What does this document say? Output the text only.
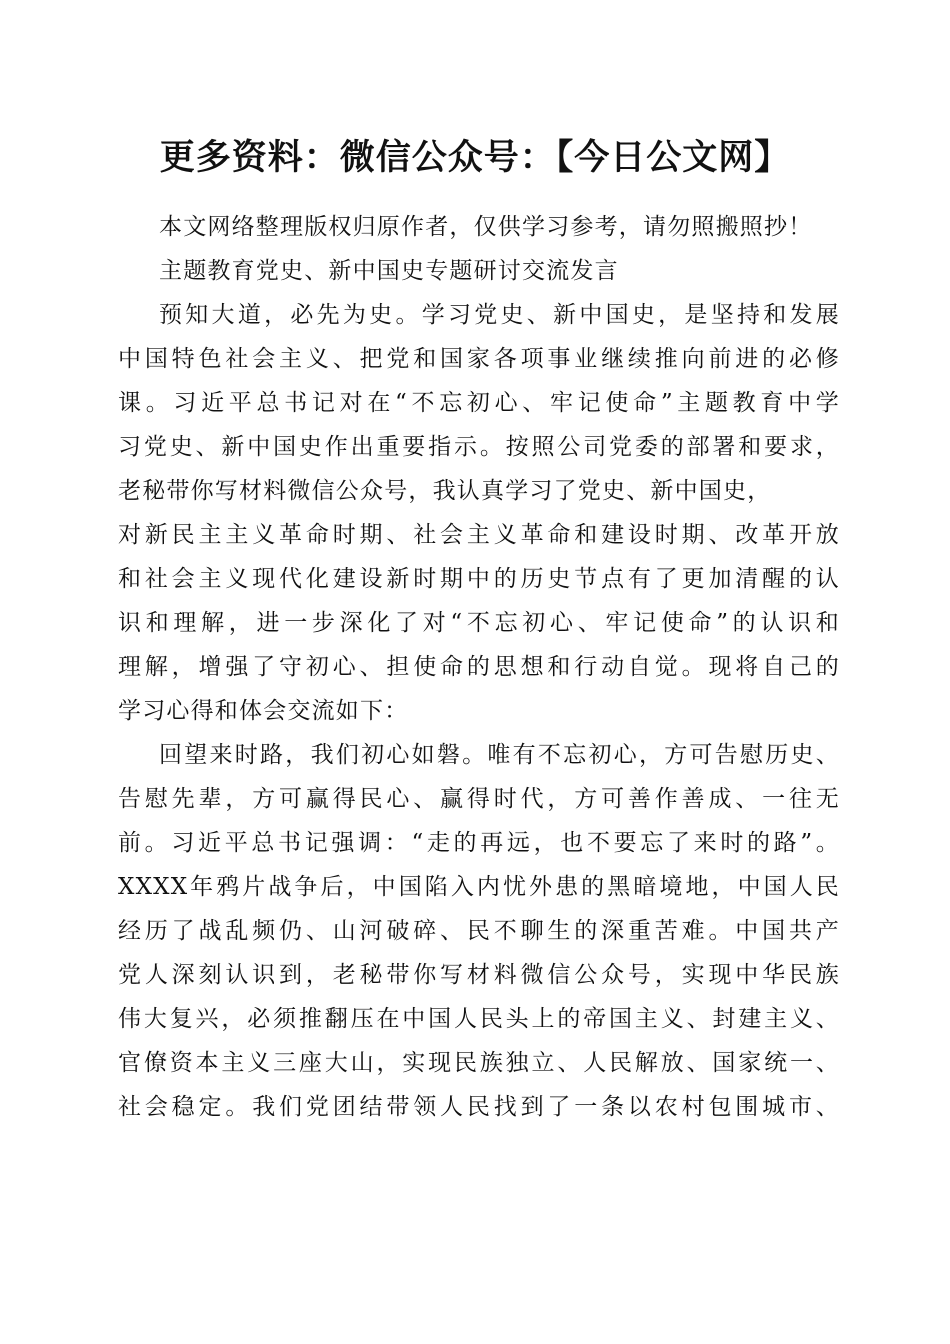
更多资料：微信公众号：【今日公文网】
本文网络整理版权归原作者，仅供学习参考，请勿照搬照抄！
主题教育党史、新中国史专题研讨交流发言
预知大道，必先为史。学习党史、新中国史，是坚持和发展
中国特色社会主义、把党和国家各项事业继续推向前进的必修
课。习近平总书记对在“不忘初心、牢记使命”主题教育中学
习党史、新中国史作出重要指示。按照公司党委的部署和要求，
老秘带你写材料微信公众号，我认真学习了党史、新中国史，
对新民主主义革命时期、社会主义革命和建设时期、改革开放
和社会主义现代化建设新时期中的历史节点有了更加清醒的认
识和理解，进一步深化了对“不忘初心、牢记使命”的认识和
理解，增强了守初心、担使命的思想和行动自觉。现将自己的
学习心得和体会交流如下：
回望来时路，我们初心如磐。唯有不忘初心，方可告慰历史、
告慰先辈，方可赢得民心、赢得时代，方可善作善成、一往无
前。习近平总书记强调：“走的再远，也不要忘了来时的路”。
XXXX年鸦片战争后，中国陷入内忧外患的黑暗境地，中国人民
经历了战乱频仍、山河破碎、民不聊生的深重苦难。中国共产
党人深刻认识到，老秘带你写材料微信公众号，实现中华民族
伟大复兴，必须推翻压在中国人民头上的帝国主义、封建主义、
官僚资本主义三座大山，实现民族独立、人民解放、国家统一、
社会稳定。我们党团结带领人民找到了一条以农村包围城市、
